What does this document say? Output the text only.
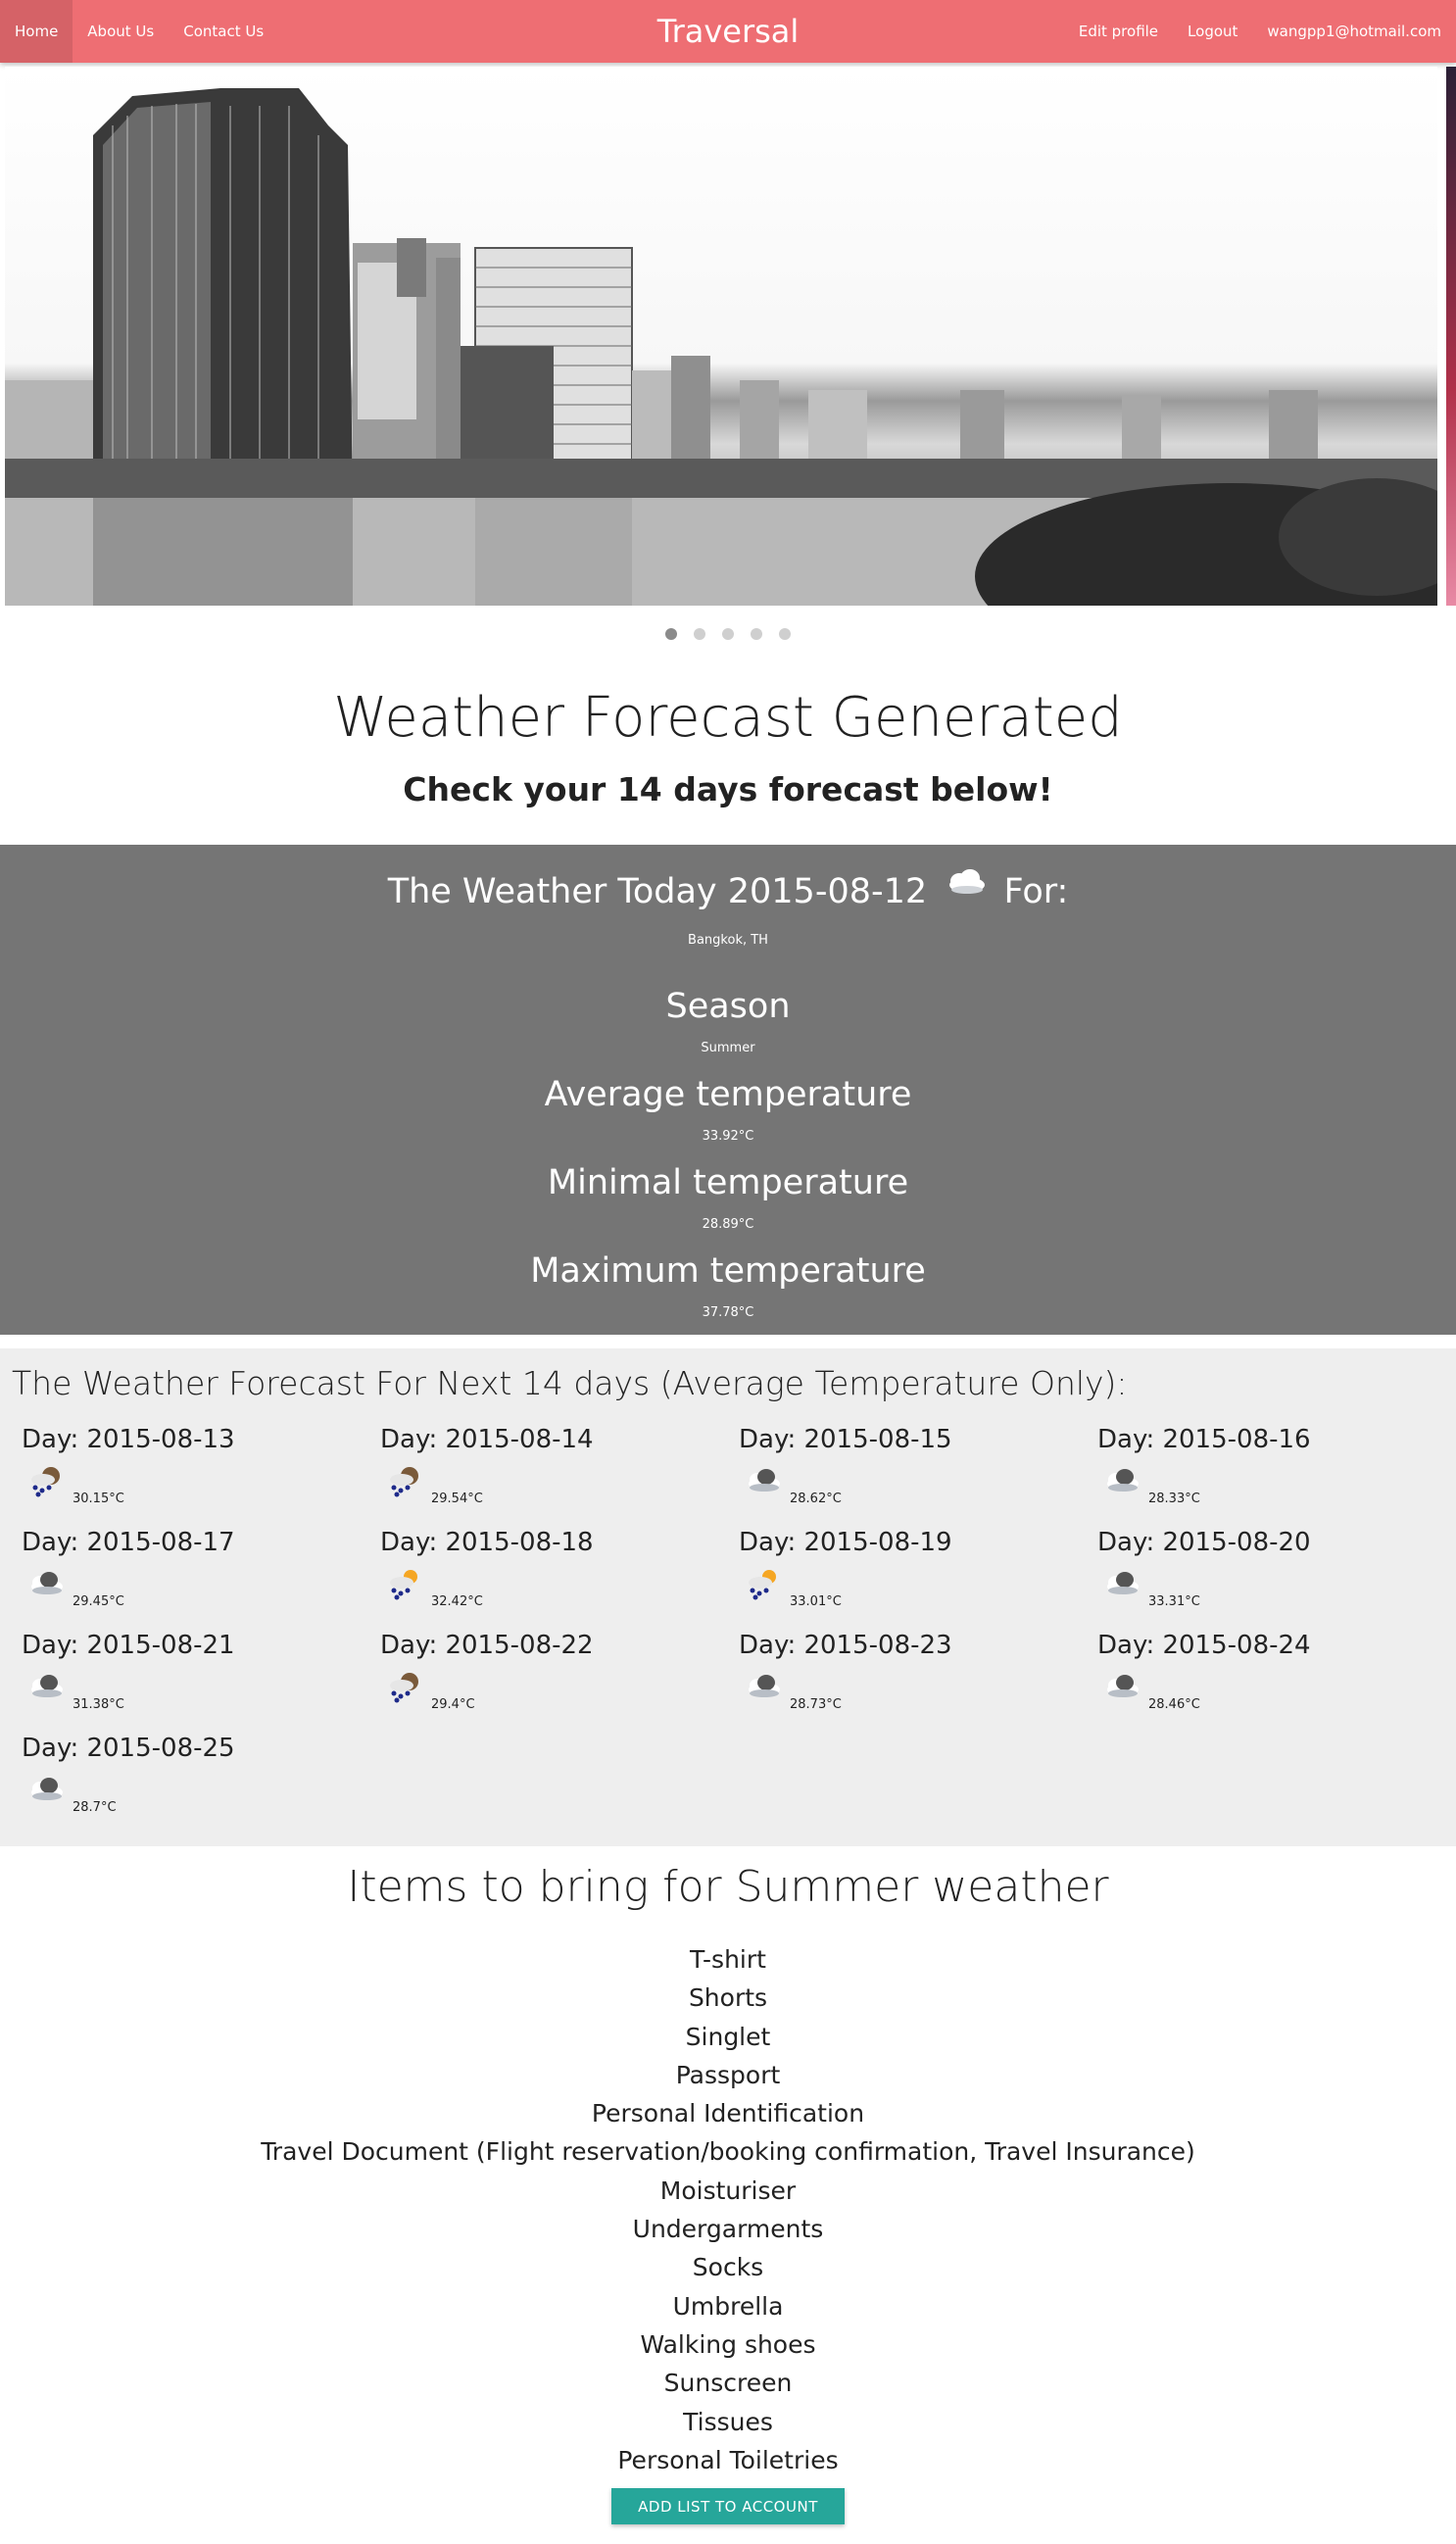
Traversal
Home	About Us	Contact Us	Edit profile	Logout	wangpp1@hotmail.com

Weather Forecast Generated
Check your 14 days forecast below!
The Weather Today 2015-08-12 For:
Bangkok, TH
Season
Summer
Average temperature
33.92°C
Minimal temperature
28.89°C
Maximum temperature
37.78°C
The Weather Forecast For Next 14 days (Average Temperature Only):
Day: 2015-08-13
30.15°C
Day: 2015-08-14
29.54°C
Day: 2015-08-15
28.62°C
Day: 2015-08-16
28.33°C
Day: 2015-08-17
29.45°C
Day: 2015-08-18
32.42°C
Day: 2015-08-19
33.01°C
Day: 2015-08-20
33.31°C
Day: 2015-08-21
31.38°C
Day: 2015-08-22
29.4°C
Day: 2015-08-23
28.73°C
Day: 2015-08-24
28.46°C
Day: 2015-08-25
28.7°C
Items to bring for Summer weather
T-shirt
Shorts
Singlet
Passport
Personal Identification
Travel Document (Flight reservation/booking confirmation, Travel Insurance)
Moisturiser
Undergarments
Socks
Umbrella
Walking shoes
Sunscreen
Tissues
Personal Toiletries
ADD LIST TO ACCOUNT
